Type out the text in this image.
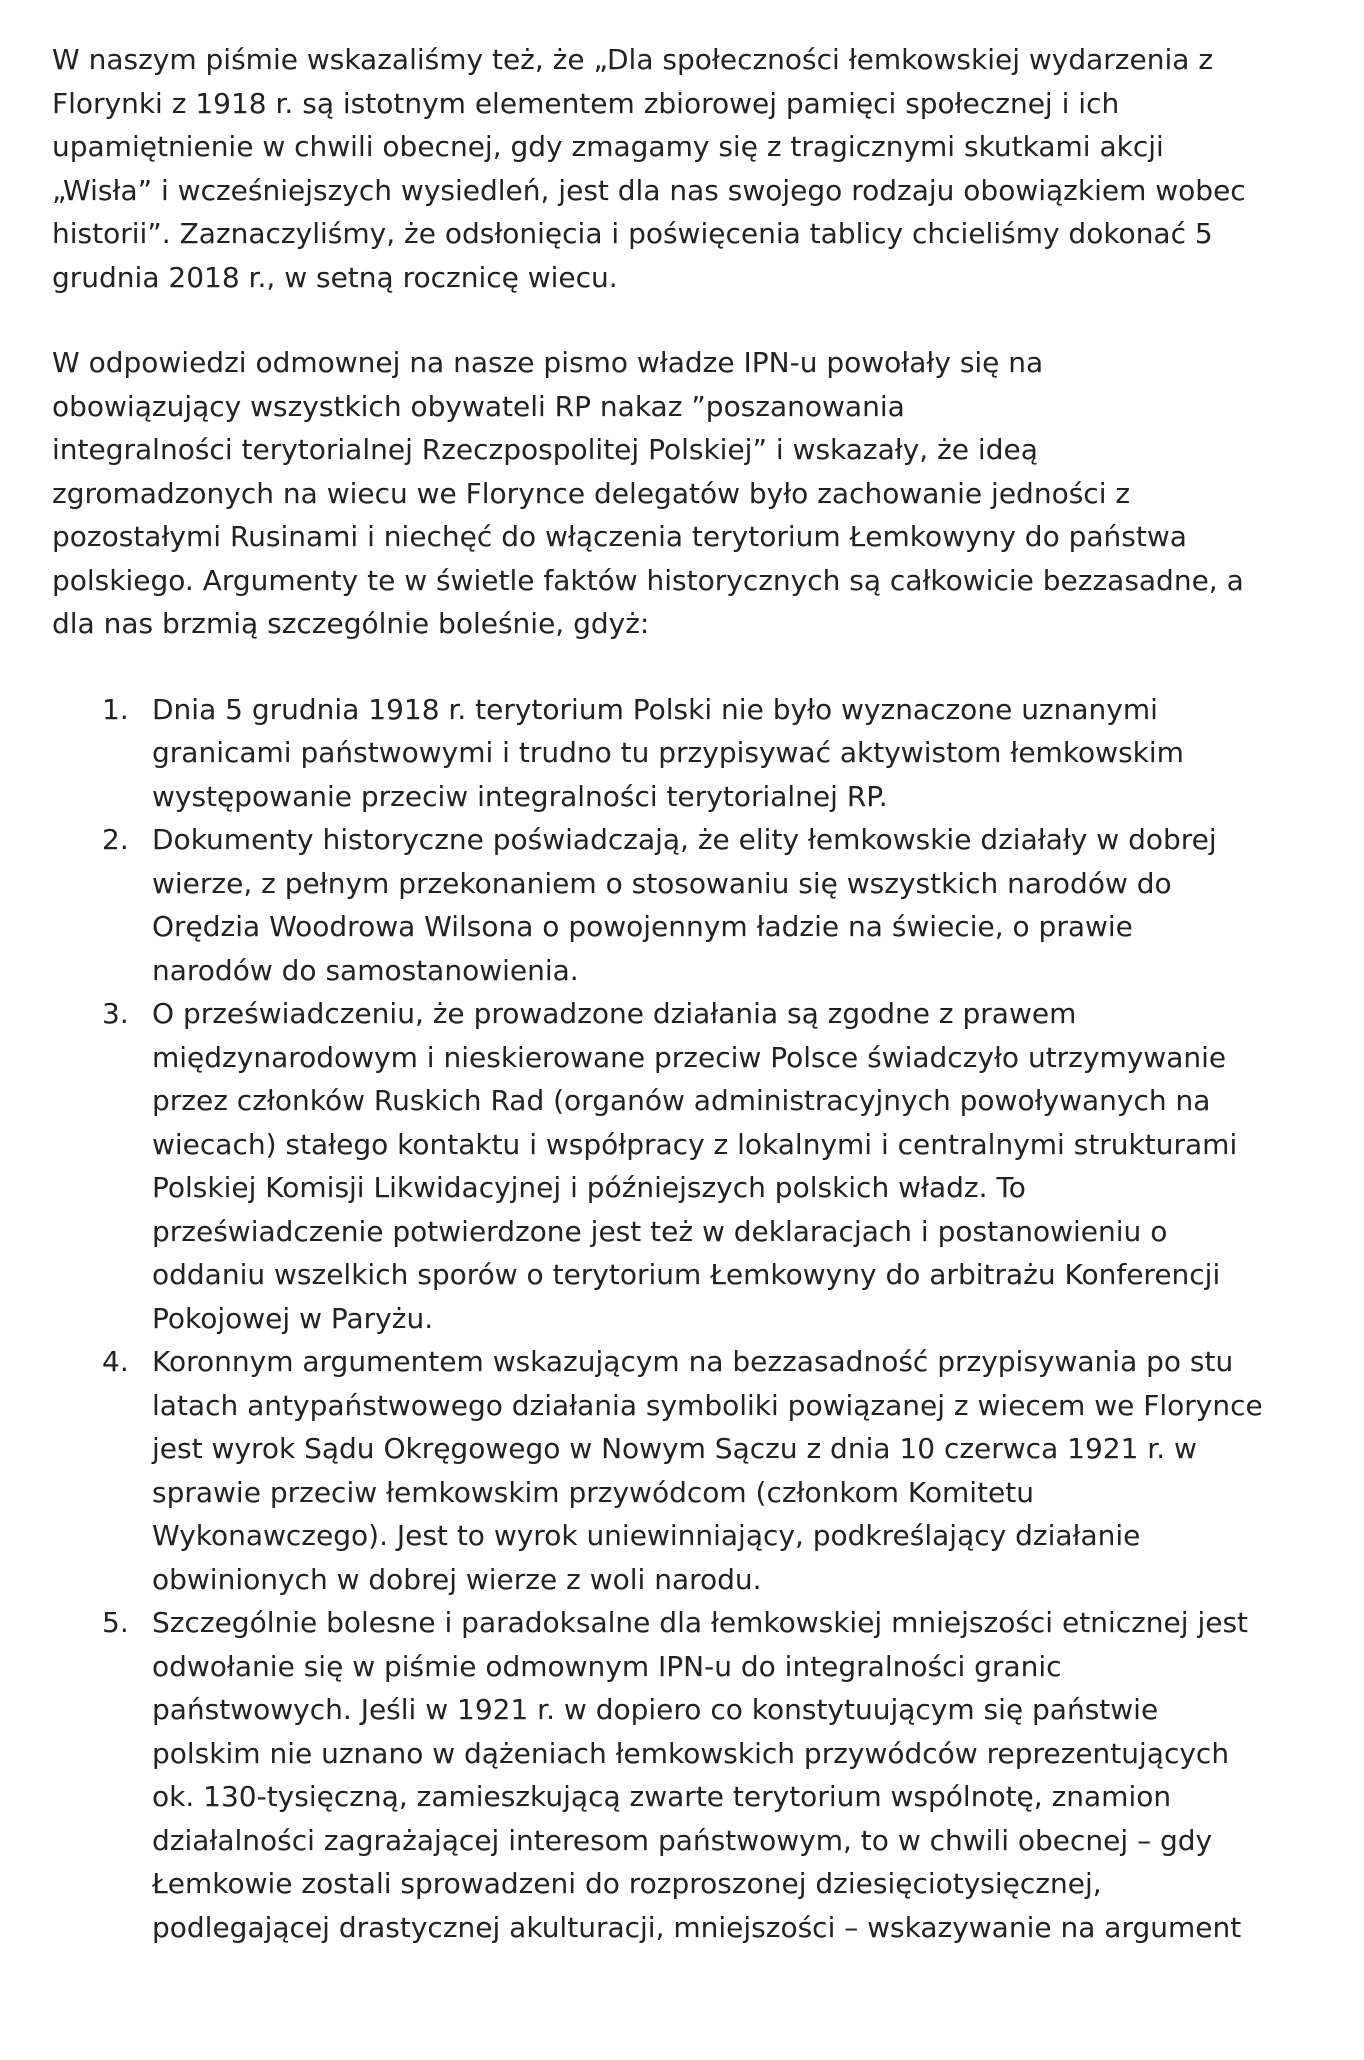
W naszym piśmie wskazaliśmy też, że „Dla społeczności łemkowskiej wydarzenia z
Florynki z 1918 r. są istotnym elementem zbiorowej pamięci społecznej i ich
upamiętnienie w chwili obecnej, gdy zmagamy się z tragicznymi skutkami akcji
„Wisła” i wcześniejszych wysiedleń, jest dla nas swojego rodzaju obowiązkiem wobec
historii”. Zaznaczyliśmy, że odsłonięcia i poświęcenia tablicy chcieliśmy dokonać 5
grudnia 2018 r., w setną rocznicę wiecu.

W odpowiedzi odmownej na nasze pismo władze IPN-u powołały się na
obowiązujący wszystkich obywateli RP nakaz ”poszanowania
integralności terytorialnej Rzeczpospolitej Polskiej” i wskazały, że ideą
zgromadzonych na wiecu we Florynce delegatów było zachowanie jedności z
pozostałymi Rusinami i niechęć do włączenia terytorium Łemkowyny do państwa
polskiego. Argumenty te w świetle faktów historycznych są całkowicie bezzasadne, a
dla nas brzmią szczególnie boleśnie, gdyż:

1. Dnia 5 grudnia 1918 r. terytorium Polski nie było wyznaczone uznanymi
granicami państwowymi i trudno tu przypisywać aktywistom łemkowskim
występowanie przeciw integralności terytorialnej RP.
2. Dokumenty historyczne poświadczają, że elity łemkowskie działały w dobrej
wierze, z pełnym przekonaniem o stosowaniu się wszystkich narodów do
Orędzia Woodrowa Wilsona o powojennym ładzie na świecie, o prawie
narodów do samostanowienia.
3. O przeświadczeniu, że prowadzone działania są zgodne z prawem
międzynarodowym i nieskierowane przeciw Polsce świadczyło utrzymywanie
przez członków Ruskich Rad (organów administracyjnych powoływanych na
wiecach) stałego kontaktu i współpracy z lokalnymi i centralnymi strukturami
Polskiej Komisji Likwidacyjnej i późniejszych polskich władz. To
przeświadczenie potwierdzone jest też w deklaracjach i postanowieniu o
oddaniu wszelkich sporów o terytorium Łemkowyny do arbitrażu Konferencji
Pokojowej w Paryżu.
4. Koronnym argumentem wskazującym na bezzasadność przypisywania po stu
latach antypaństwowego działania symboliki powiązanej z wiecem we Florynce
jest wyrok Sądu Okręgowego w Nowym Sączu z dnia 10 czerwca 1921 r. w
sprawie przeciw łemkowskim przywódcom (członkom Komitetu
Wykonawczego). Jest to wyrok uniewinniający, podkreślający działanie
obwinionych w dobrej wierze z woli narodu.
5. Szczególnie bolesne i paradoksalne dla łemkowskiej mniejszości etnicznej jest
odwołanie się w piśmie odmownym IPN-u do integralności granic
państwowych. Jeśli w 1921 r. w dopiero co konstytuującym się państwie
polskim nie uznano w dążeniach łemkowskich przywódców reprezentujących
ok. 130-tysięczną, zamieszkującą zwarte terytorium wspólnotę, znamion
działalności zagrażającej interesom państwowym, to w chwili obecnej – gdy
Łemkowie zostali sprowadzeni do rozproszonej dziesięciotysięcznej,
podlegającej drastycznej akulturacji, mniejszości – wskazywanie na argument
